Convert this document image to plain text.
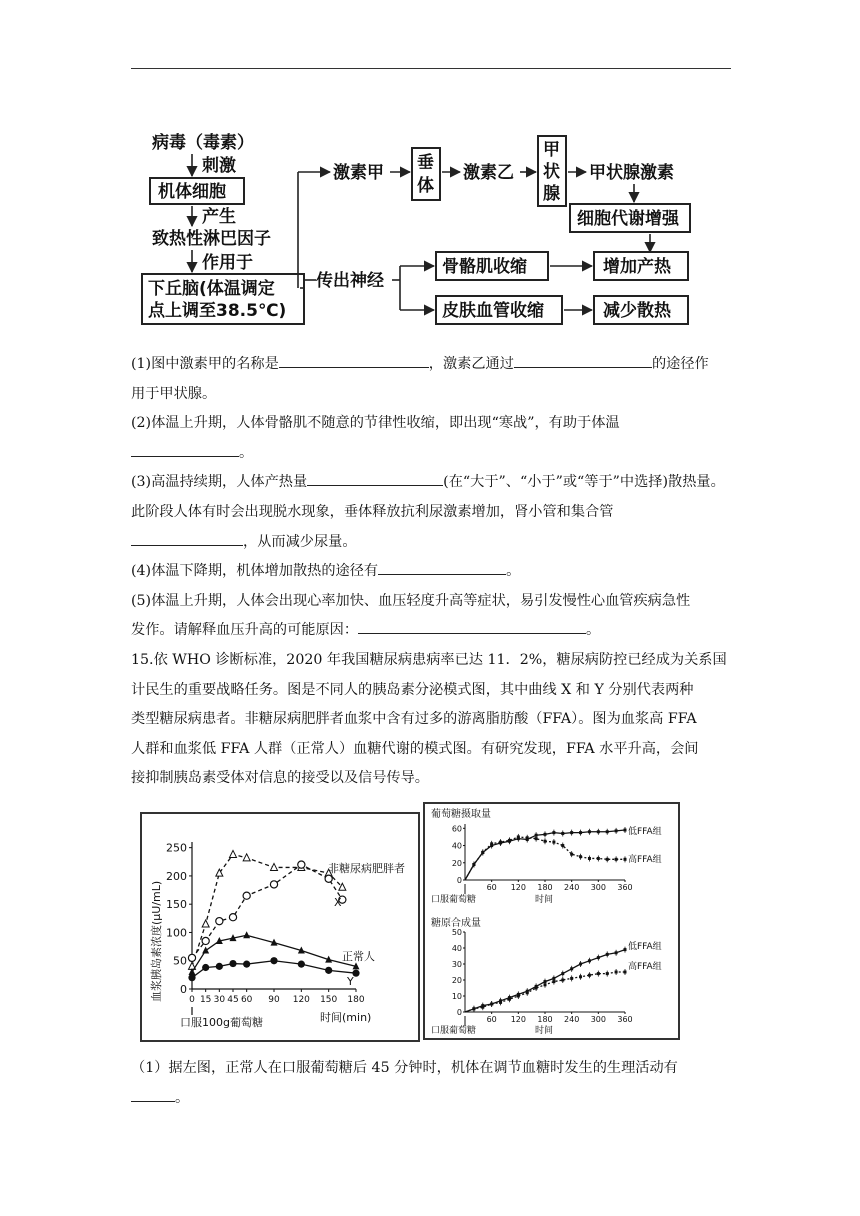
病毒（毒素）
刺激
机体细胞
产生
致热性淋巴因子
作用于
下丘脑(体温调定
点上调至38.5℃)
激素甲 垂
体
激素乙
甲
状
腺
甲状腺激素
细胞代谢增强
传出神经
骨骼肌收缩
皮肤血管收缩
增加产热
减少散热

(1)图中激素甲的名称是	，激素乙通过	的途径作

用于甲状腺。

(2)体温上升期，人体骨骼肌不随意的节律性收缩，即出现“寒战”，有助于体温

。

(3)高温持续期，人体产热量	(在“大于”、“小于”或“等于”中选择)散热量。

此阶段人体有时会出现脱水现象，垂体释放抗利尿激素增加，肾小管和集合管

，从而减少尿量。

(4)体温下降期，机体增加散热的途径有	。

(5)体温上升期，人体会出现心率加快、血压轻度升高等症状，易引发慢性心血管疾病急性

发作。请解释血压升高的可能原因：	。

15.依 WHO 诊断标准，2020 年我国糖尿病患病率已达 11．2%，糖尿病防控已经成为关系国

计民生的重要战略任务。图是不同人的胰岛素分泌模式图，其中曲线 X 和 Y 分别代表两种

类型糖尿病患者。非糖尿病肥胖者血浆中含有过多的游离脂肪酸（FFA）。图为血浆高 FFA

人群和血浆低 FFA 人群（正常人）血糖代谢的模式图。有研究发现，FFA 水平升高，会间

接抑制胰岛素受体对信息的接受以及信号传导。

血浆胰岛素浓度(μU/mL)
时间(min)
口服100g葡萄糖
0
50
100
150
200
250
0 15 30 45 60 90 120 150 180
非糖尿病肥胖者
X
正常人
Y
葡萄糖摄取量
口服葡萄糖	时间
糖原合成量
口服葡萄糖	时间
0
20
40
60
60 120 180 240 300 360
低FFA组
高FFA组
0
10
20
30
40
50
60 120 180 240 300 360
低FFA组
高FFA组

（1）据左图，正常人在口服葡萄糖后 45 分钟时，机体在调节血糖时发生的生理活动有

。
